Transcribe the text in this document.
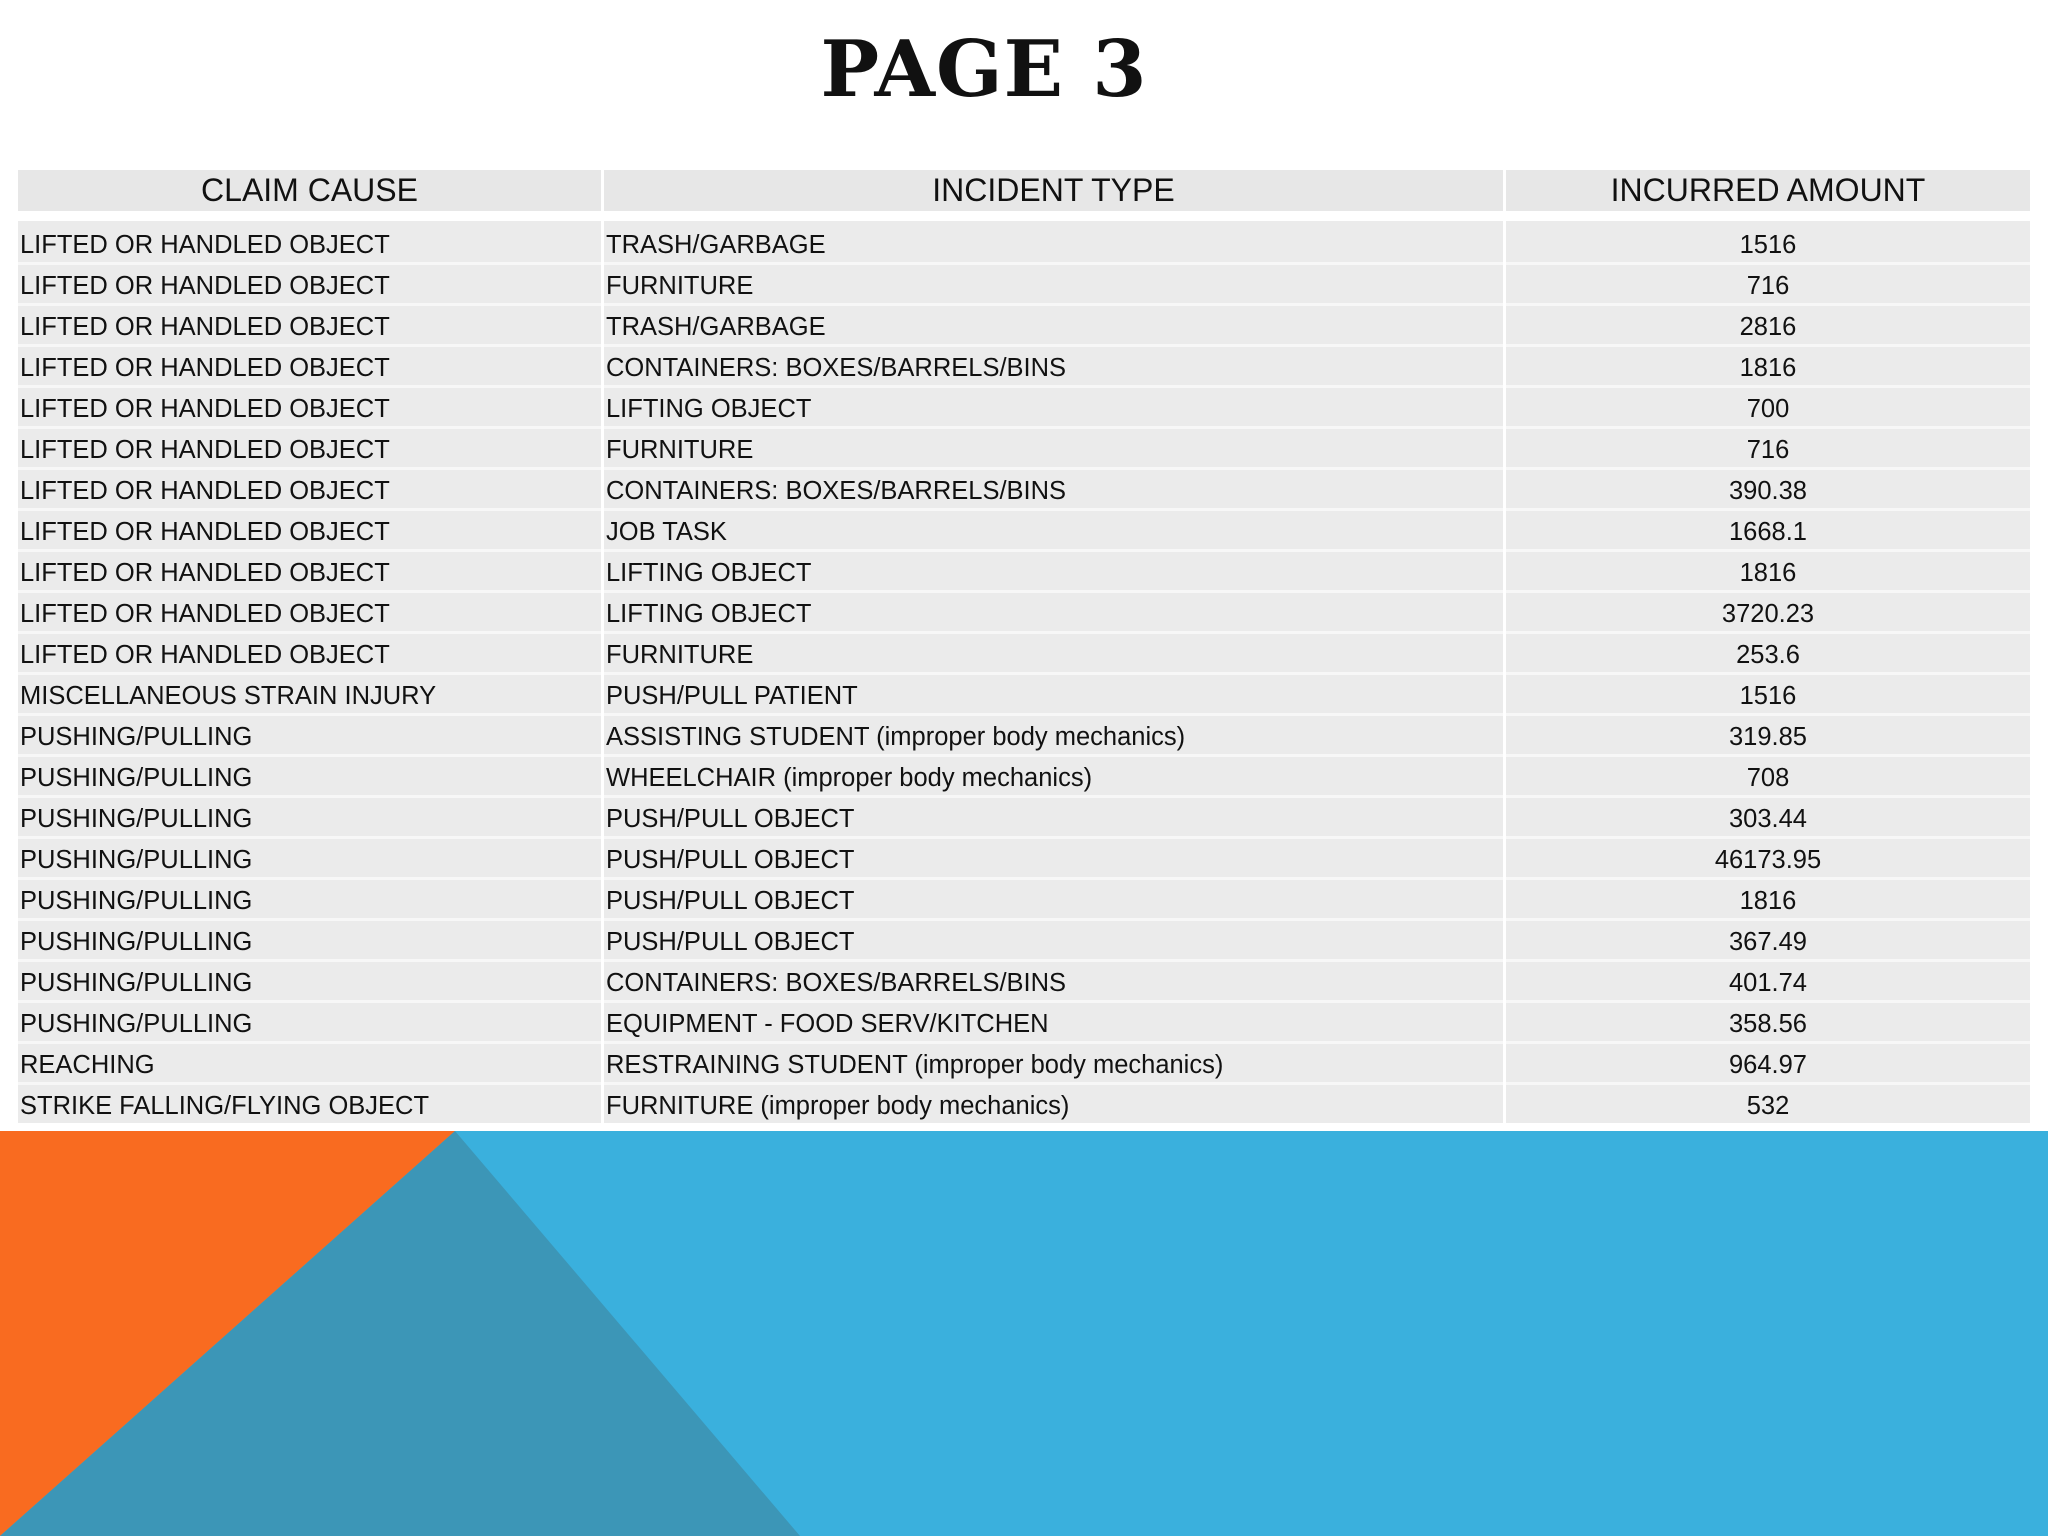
PAGE 3
CLAIM CAUSE	INCIDENT TYPE	INCURRED AMOUNT
LIFTED OR HANDLED OBJECT	TRASH/GARBAGE	1516
LIFTED OR HANDLED OBJECT	FURNITURE	716
LIFTED OR HANDLED OBJECT	TRASH/GARBAGE	2816
LIFTED OR HANDLED OBJECT	CONTAINERS: BOXES/BARRELS/BINS	1816
LIFTED OR HANDLED OBJECT	LIFTING OBJECT	700
LIFTED OR HANDLED OBJECT	FURNITURE	716
LIFTED OR HANDLED OBJECT	CONTAINERS: BOXES/BARRELS/BINS	390.38
LIFTED OR HANDLED OBJECT	JOB TASK	1668.1
LIFTED OR HANDLED OBJECT	LIFTING OBJECT	1816
LIFTED OR HANDLED OBJECT	LIFTING OBJECT	3720.23
LIFTED OR HANDLED OBJECT	FURNITURE	253.6
MISCELLANEOUS STRAIN INJURY	PUSH/PULL PATIENT	1516
PUSHING/PULLING	ASSISTING STUDENT (improper body mechanics)	319.85
PUSHING/PULLING	WHEELCHAIR (improper body mechanics)	708
PUSHING/PULLING	PUSH/PULL OBJECT	303.44
PUSHING/PULLING	PUSH/PULL OBJECT	46173.95
PUSHING/PULLING	PUSH/PULL OBJECT	1816
PUSHING/PULLING	PUSH/PULL OBJECT	367.49
PUSHING/PULLING	CONTAINERS: BOXES/BARRELS/BINS	401.74
PUSHING/PULLING	EQUIPMENT - FOOD SERV/KITCHEN	358.56
REACHING	RESTRAINING STUDENT (improper body mechanics)	964.97
STRIKE FALLING/FLYING OBJECT	FURNITURE (improper body mechanics)	532
